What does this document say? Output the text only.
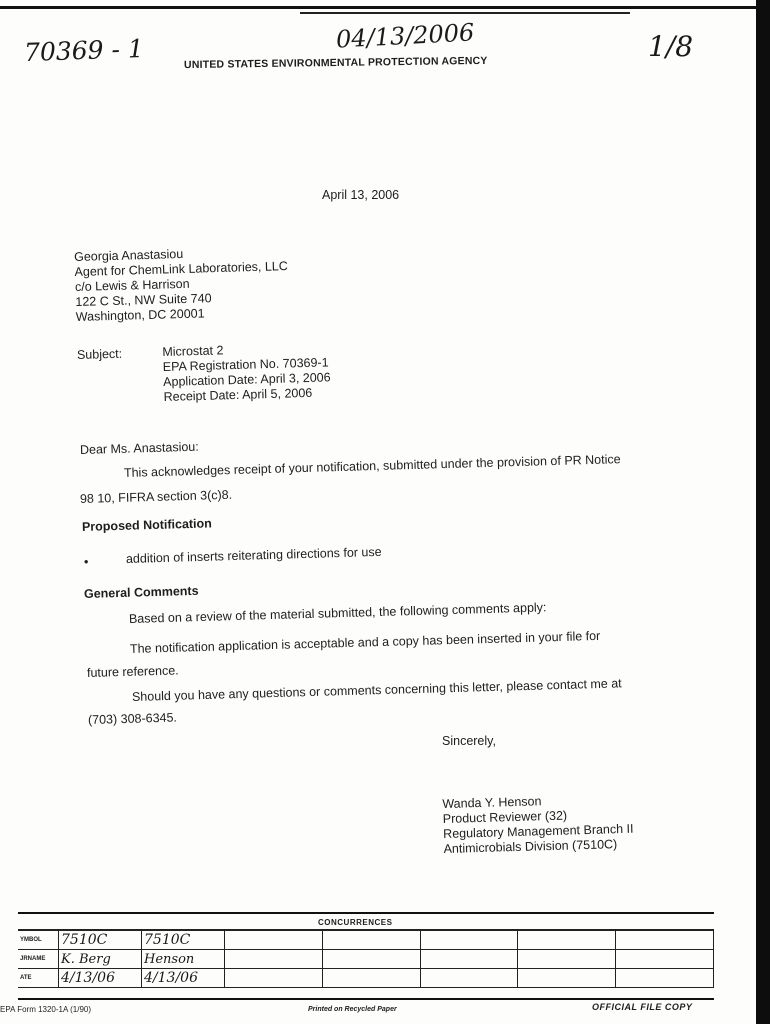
70369 - 1	04/13/2006	1/8
UNITED STATES ENVIRONMENTAL PROTECTION AGENCY
April 13, 2006
Georgia Anastasiou
Agent for ChemLink Laboratories, LLC
c/o Lewis & Harrison
122 C St., NW Suite 740
Washington, DC 20001
Subject:	Microstat 2
EPA Registration No. 70369-1
Application Date: April 3, 2006
Receipt Date: April 5, 2006
Dear Ms. Anastasiou:
This acknowledges receipt of your notification, submitted under the provision of PR Notice
98 10, FIFRA section 3(c)8.
Proposed Notification
•	addition of inserts reiterating directions for use
General Comments
Based on a review of the material submitted, the following comments apply:
The notification application is acceptable and a copy has been inserted in your file for
future reference.
Should you have any questions or comments concerning this letter, please contact me at
(703) 308-6345.
Sincerely,
Wanda Y. Henson
Product Reviewer (32)
Regulatory Management Branch II
Antimicrobials Division (7510C)
CONCURRENCES
YMBOL	7510C	7510C					
JRNAME	K. Berg	Henson					
ATE	4/13/06	4/13/06					
EPA Form 1320-1A (1/90)	Printed on Recycled Paper	OFFICIAL FILE COPY
